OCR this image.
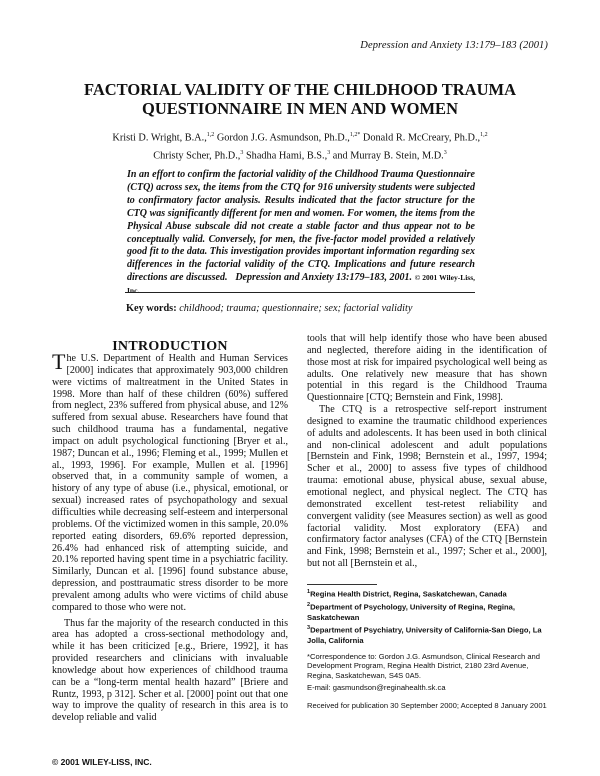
Depression and Anxiety 13:179–183 (2001)
FACTORIAL VALIDITY OF THE CHILDHOOD TRAUMA
QUESTIONNAIRE IN MEN AND WOMEN
Kristi D. Wright, B.A.,$^{1,2}$ Gordon J.G. Asmundson, Ph.D.,$^{1,2*}$ Donald R. McCreary, Ph.D.,$^{1,2}$
Christy Scher, Ph.D.,$^3$ Shadha Hami, B.S.,$^3$ and Murray B. Stein, M.D.$^3$
In an effort to confirm the factorial validity of the Childhood Trauma Questionnaire (CTQ) across sex, the items from the CTQ for 916 university students were subjected to confirmatory factor analysis. Results indicated that the factor structure for the CTQ was significantly different for men and women. For women, the items from the Physical Abuse subscale did not create a stable factor and thus appear not to be conceptually valid. Conversely, for men, the five-factor model provided a relatively good fit to the data. This investigation provides important information regarding sex differences in the factorial validity of the CTQ. Implications and future research directions are discussed. Depression and Anxiety 13:179–183, 2001. © 2001 Wiley-Liss, Inc.
Key words: childhood; trauma; questionnaire; sex; factorial validity
INTRODUCTION

The U.S. Department of Health and Human Services [2000] indicates that approximately 903,000 children were victims of maltreatment in the United States in 1998. More than half of these children (60%) suffered from neglect, 23% suffered from physical abuse, and 12% suffered from sexual abuse. Researchers have found that such childhood trauma has a fundamental, negative impact on adult psychological functioning [Bryer et al., 1987; Duncan et al., 1996; Fleming et al., 1999; Mullen et al., 1993, 1996]. For example, Mullen et al. [1996] observed that, in a community sample of women, a history of any type of abuse (i.e., physical, emotional, or sexual) increased rates of psychopathology and sexual difficulties while decreasing self-esteem and interpersonal problems. Of the victimized women in this sample, 20.0% reported eating disorders, 69.6% reported depression, 26.4% had enhanced risk of attempting suicide, and 20.1% reported having spent time in a psychiatric facility. Similarly, Duncan et al. [1996] found substance abuse, depression, and posttraumatic stress disorder to be more prevalent among adults who were victims of child abuse compared to those who were not.

Thus far the majority of the research conducted in this area has adopted a cross-sectional methodology and, while it has been criticized [e.g., Briere, 1992], it has provided researchers and clinicians with invaluable knowledge about how experiences of childhood trauma can be a “long-term mental health hazard” [Briere and Runtz, 1993, p 312]. Scher et al. [2000] point out that one way to improve the quality of research in this area is to develop reliable and valid

tools that will help identify those who have been abused and neglected, therefore aiding in the identification of those most at risk for impaired psychological well being as adults. One relatively new measure that has shown potential in this regard is the Childhood Trauma Questionnaire [CTQ; Bernstein and Fink, 1998].

The CTQ is a retrospective self-report instrument designed to examine the traumatic childhood experiences of adults and adolescents. It has been used in both clinical and non-clinical adolescent and adult populations [Bernstein and Fink, 1998; Bernstein et al., 1997, 1994; Scher et al., 2000] to assess five types of childhood trauma: emotional abuse, physical abuse, sexual abuse, emotional neglect, and physical neglect. The CTQ has demonstrated excellent test-retest reliability and convergent validity (see Measures section) as well as good factorial validity. Most exploratory (EFA) and confirmatory factor analyses (CFA) of the CTQ [Bernstein and Fink, 1998; Bernstein et al., 1997; Scher et al., 2000], but not all [Bernstein et al.,

$^1$Regina Health District, Regina, Saskatchewan, Canada

$^2$Department of Psychology, University of Regina, Regina, Saskatchewan

$^3$Department of Psychiatry, University of California-San Diego, La Jolla, California

*Correspondence to: Gordon J.G. Asmundson, Clinical Research and Development Program, Regina Health District, 2180 23rd Avenue, Regina, Saskatchewan, S4S 0A5.

E-mail: gasmundson@reginahealth.sk.ca

Received for publication 30 September 2000; Accepted 8 January 2001

© 2001 WILEY-LISS, INC.
